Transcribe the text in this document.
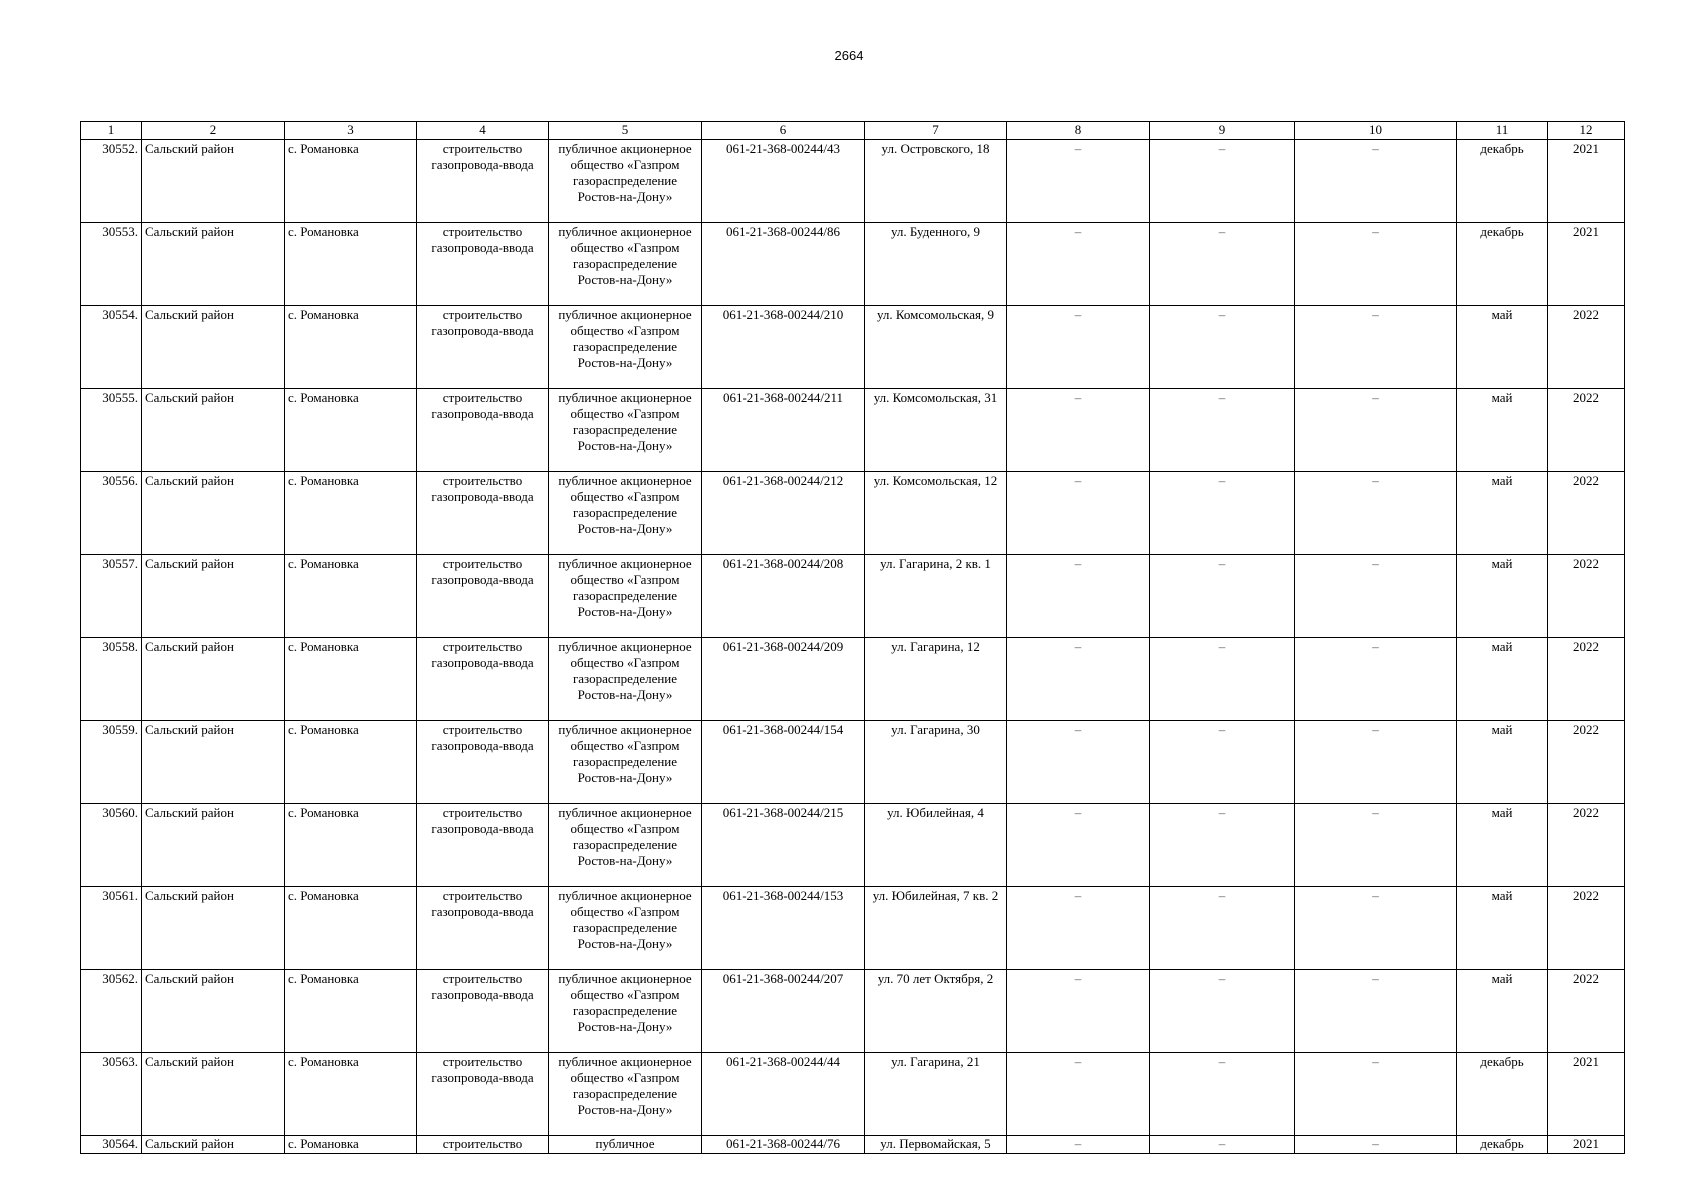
2664
1	2	3	4	5	6	7	8	9	10	11	12
30552.	Сальский район	с. Романовка	строительство газопровода-ввода	публичное акционерное общество «Газпром газораспределение Ростов-на-Дону»	061-21-368-00244/43	ул. Островского, 18	–	–	–	декабрь	2021
30553.	Сальский район	с. Романовка	строительство газопровода-ввода	публичное акционерное общество «Газпром газораспределение Ростов-на-Дону»	061-21-368-00244/86	ул. Буденного, 9	–	–	–	декабрь	2021
30554.	Сальский район	с. Романовка	строительство газопровода-ввода	публичное акционерное общество «Газпром газораспределение Ростов-на-Дону»	061-21-368-00244/210	ул. Комсомольская, 9	–	–	–	май	2022
30555.	Сальский район	с. Романовка	строительство газопровода-ввода	публичное акционерное общество «Газпром газораспределение Ростов-на-Дону»	061-21-368-00244/211	ул. Комсомольская, 31	–	–	–	май	2022
30556.	Сальский район	с. Романовка	строительство газопровода-ввода	публичное акционерное общество «Газпром газораспределение Ростов-на-Дону»	061-21-368-00244/212	ул. Комсомольская, 12	–	–	–	май	2022
30557.	Сальский район	с. Романовка	строительство газопровода-ввода	публичное акционерное общество «Газпром газораспределение Ростов-на-Дону»	061-21-368-00244/208	ул. Гагарина, 2 кв. 1	–	–	–	май	2022
30558.	Сальский район	с. Романовка	строительство газопровода-ввода	публичное акционерное общество «Газпром газораспределение Ростов-на-Дону»	061-21-368-00244/209	ул. Гагарина, 12	–	–	–	май	2022
30559.	Сальский район	с. Романовка	строительство газопровода-ввода	публичное акционерное общество «Газпром газораспределение Ростов-на-Дону»	061-21-368-00244/154	ул. Гагарина, 30	–	–	–	май	2022
30560.	Сальский район	с. Романовка	строительство газопровода-ввода	публичное акционерное общество «Газпром газораспределение Ростов-на-Дону»	061-21-368-00244/215	ул. Юбилейная, 4	–	–	–	май	2022
30561.	Сальский район	с. Романовка	строительство газопровода-ввода	публичное акционерное общество «Газпром газораспределение Ростов-на-Дону»	061-21-368-00244/153	ул. Юбилейная, 7 кв. 2	–	–	–	май	2022
30562.	Сальский район	с. Романовка	строительство газопровода-ввода	публичное акционерное общество «Газпром газораспределение Ростов-на-Дону»	061-21-368-00244/207	ул. 70 лет Октября, 2	–	–	–	май	2022
30563.	Сальский район	с. Романовка	строительство газопровода-ввода	публичное акционерное общество «Газпром газораспределение Ростов-на-Дону»	061-21-368-00244/44	ул. Гагарина, 21	–	–	–	декабрь	2021
30564.	Сальский район	с. Романовка	строительство	публичное	061-21-368-00244/76	ул. Первомайская, 5	–	–	–	декабрь	2021
